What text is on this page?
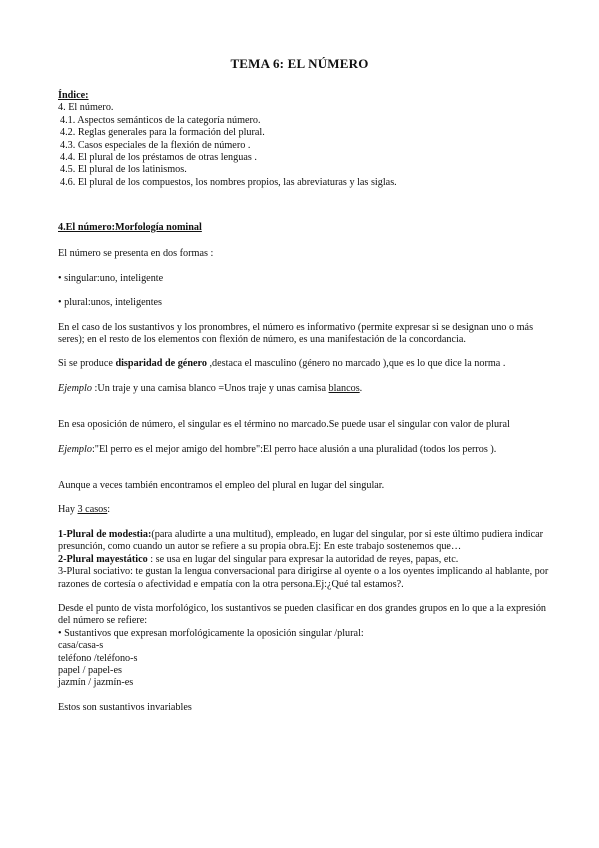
TEMA 6: EL NÚMERO
Índice:
4. El número.
4.1. Aspectos semánticos de la categoría número.
4.2. Reglas generales para la formación del plural.
4.3. Casos especiales de la flexión de número .
4.4. El plural de los préstamos de otras lenguas .
4.5. El plural de los latinismos.
4.6. El plural de los compuestos, los nombres propios, las abreviaturas y las siglas.
4.El número:Morfología nominal

El número se presenta en dos formas :

• singular:uno, inteligente

• plural:unos, inteligentes

En el caso de los sustantivos y los pronombres, el número es informativo (permite expresar si se designan uno o más seres); en el resto de los elementos con flexión de número, es una manifestación de la concordancia.

Si se produce disparidad de género ,destaca el masculino (género no marcado ),que es lo que dice la norma .

Ejemplo :Un traje y una camisa blanco =Unos traje y unas camisa blancos.

En esa oposición de número, el singular es el término no marcado.Se puede usar el singular con valor de plural

Ejemplo:"El perro es el mejor amigo del hombre":El perro hace alusión a una pluralidad (todos los perros ).

Aunque a veces también encontramos el empleo del plural en lugar del singular.

Hay 3 casos:

1-Plural de modestia:(para aludirte a una multitud), empleado, en lugar del singular, por si este último pudiera indicar presunción, como cuando un autor se refiere a su propia obra.Ej: En este trabajo sostenemos que…

2-Plural mayestático : se usa en lugar del singular para expresar la autoridad de reyes, papas, etc.

3-Plural sociativo: te gustan la lengua conversacional para dirigirse al oyente o a los oyentes implicando al hablante, por razones de cortesía o afectividad e empatía con la otra persona.Ej:¿Qué tal estamos?.

Desde el punto de vista morfológico, los sustantivos se pueden clasificar en dos grandes grupos en lo que a la expresión del número se refiere:

• Sustantivos que expresan morfológicamente la oposición singular /plural:

casa/casa-s

teléfono /teléfono-s

papel / papel-es

jazmín / jazmín-es

Estos son sustantivos invariables
